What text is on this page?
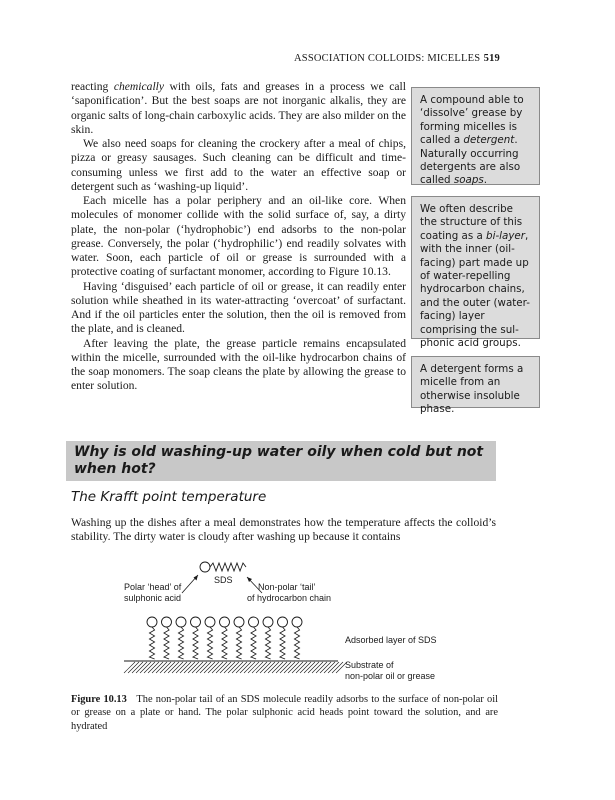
ASSOCIATION COLLOIDS: MICELLES 519

reacting chemically with oils, fats and greases in a process we call ‘saponification’. But the best soaps are not inorganic alkalis, they are organic salts of long-chain carboxylic acids. They are also milder on the skin.

We also need soaps for cleaning the crockery after a meal of chips, pizza or greasy sausages. Such cleaning can be difficult and time-consuming unless we first add to the water an effective soap or detergent such as ‘washing-up liquid’.

Each micelle has a polar periphery and an oil-like core. When molecules of monomer collide with the solid surface of, say, a dirty plate, the non-polar (‘hydrophobic’) end adsorbs to the non-polar grease. Conversely, the polar (‘hydrophilic’) end readily solvates with water. Soon, each particle of oil or grease is surrounded with a protective coating of surfactant monomer, according to Figure 10.13.

Having ‘disguised’ each particle of oil or grease, it can readily enter solution while sheathed in its water-attracting ‘overcoat’ of surfactant. And if the oil particles enter the solution, then the oil is removed from the plate, and is cleaned.

After leaving the plate, the grease particle remains encapsulated within the micelle, surrounded with the oil-like hydrocarbon chains of the soap monomers. The soap cleans the plate by allowing the grease to enter solution.

A compound able to ‘dissolve’ grease by forming micelles is called a detergent. Naturally occurring detergents are also called soaps.
We often describe the structure of this coating as a bi-layer, with the inner (oil-facing) part made up of water-repelling hydrocarbon chains, and the outer (water-facing) layer comprising the sulphonic acid groups.
A detergent forms a micelle from an otherwise insoluble phase.
Why is old washing-up water oily when cold but not when hot?
The Krafft point temperature

Washing up the dishes after a meal demonstrates how the temperature affects the colloid’s stability. The dirty water is cloudy after washing up because it contains

SDS
Polar ‘head’ of
sulphonic acid
Non-polar ‘tail’
of hydrocarbon chain
Adsorbed layer of SDS
Substrate of
non-polar oil or grease

Figure 10.13 The non-polar tail of an SDS molecule readily adsorbs to the surface of non-polar oil or grease on a plate or hand. The polar sulphonic acid heads point toward the solution, and are hydrated
